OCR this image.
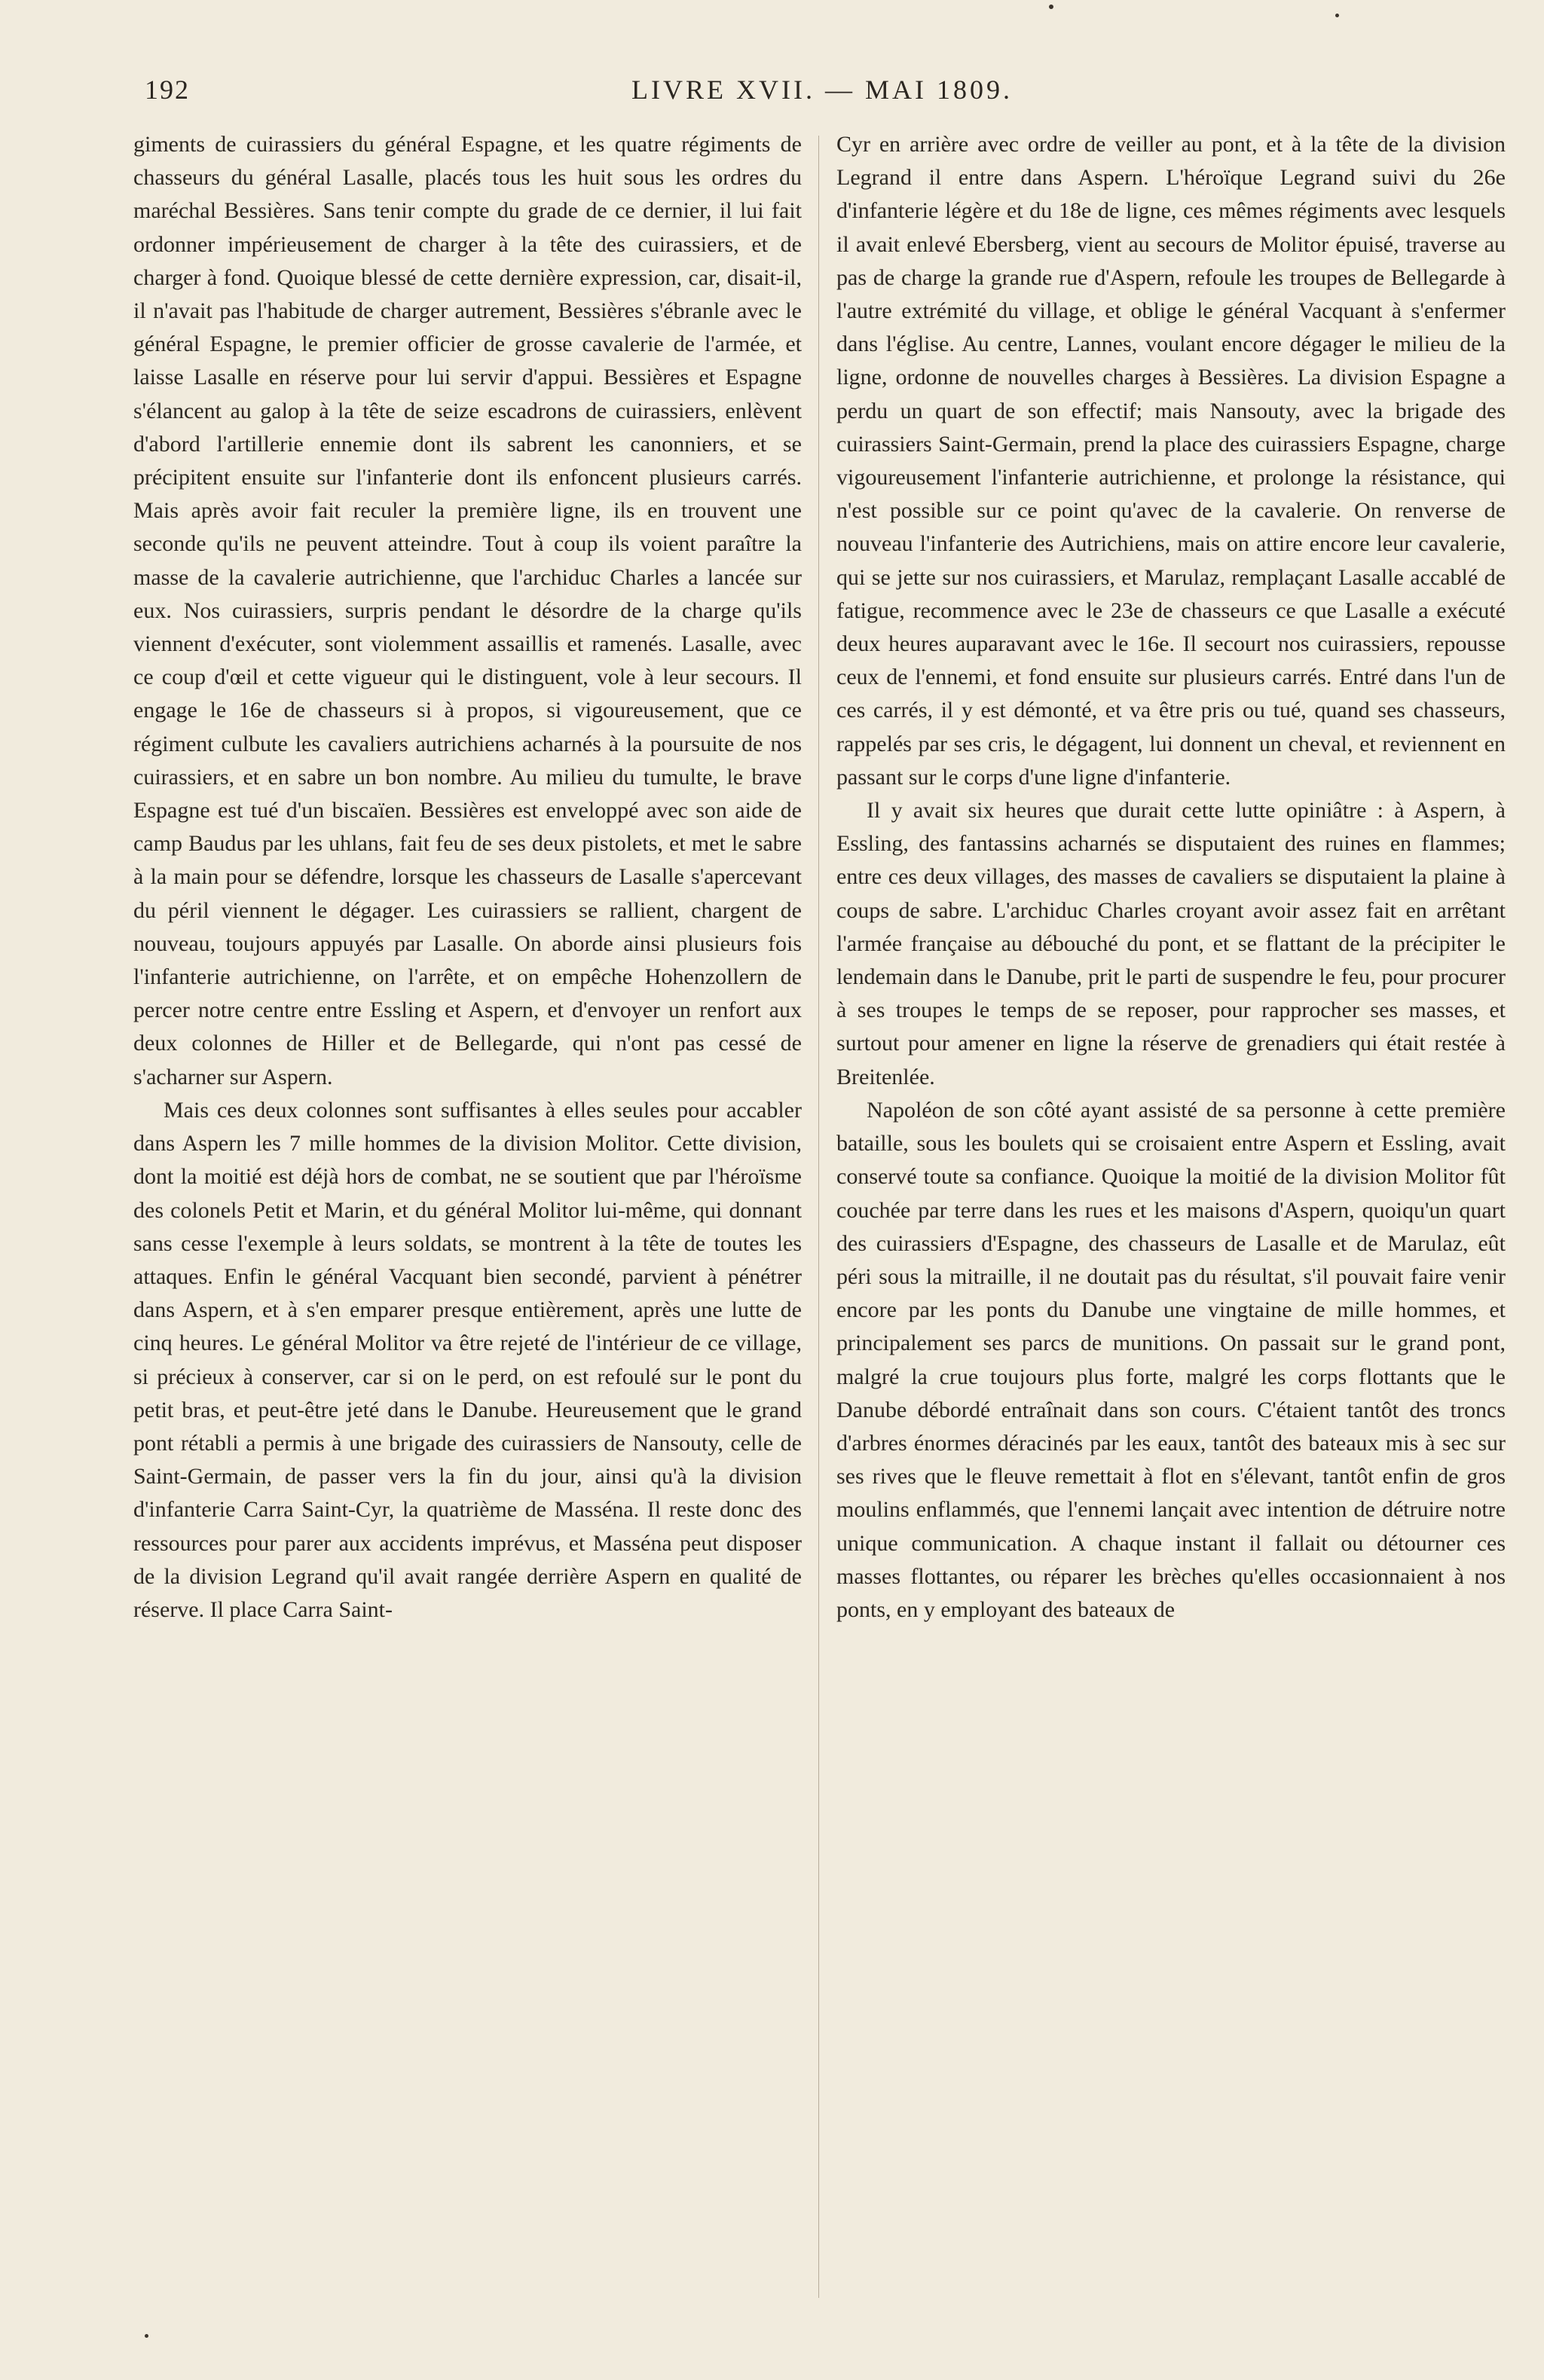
192	LIVRE XVII. — MAI 1809.

giments de cuirassiers du général Espagne, et les quatre régiments de chasseurs du général Lasalle, placés tous les huit sous les ordres du maréchal Bessières. Sans tenir compte du grade de ce dernier, il lui fait ordonner impérieusement de charger à la tête des cuirassiers, et de charger à fond. Quoique blessé de cette dernière expression, car, disait-il, il n'avait pas l'habitude de charger autrement, Bessières s'ébranle avec le général Espagne, le premier officier de grosse cavalerie de l'armée, et laisse Lasalle en réserve pour lui servir d'appui. Bessières et Espagne s'élancent au galop à la tête de seize escadrons de cuirassiers, enlèvent d'abord l'artillerie ennemie dont ils sabrent les canonniers, et se précipitent ensuite sur l'infanterie dont ils enfoncent plusieurs carrés. Mais après avoir fait reculer la première ligne, ils en trouvent une seconde qu'ils ne peuvent atteindre. Tout à coup ils voient paraître la masse de la cavalerie autrichienne, que l'archiduc Charles a lancée sur eux. Nos cuirassiers, surpris pendant le désordre de la charge qu'ils viennent d'exécuter, sont violemment assaillis et ramenés. Lasalle, avec ce coup d'œil et cette vigueur qui le distinguent, vole à leur secours. Il engage le 16e de chasseurs si à propos, si vigoureusement, que ce régiment culbute les cavaliers autrichiens acharnés à la poursuite de nos cuirassiers, et en sabre un bon nombre. Au milieu du tumulte, le brave Espagne est tué d'un biscaïen. Bessières est enveloppé avec son aide de camp Baudus par les uhlans, fait feu de ses deux pistolets, et met le sabre à la main pour se défendre, lorsque les chasseurs de Lasalle s'apercevant du péril viennent le dégager. Les cuirassiers se rallient, chargent de nouveau, toujours appuyés par Lasalle. On aborde ainsi plusieurs fois l'infanterie autrichienne, on l'arrête, et on empêche Hohenzollern de percer notre centre entre Essling et Aspern, et d'envoyer un renfort aux deux colonnes de Hiller et de Bellegarde, qui n'ont pas cessé de s'acharner sur Aspern.

Mais ces deux colonnes sont suffisantes à elles seules pour accabler dans Aspern les 7 mille hommes de la division Molitor. Cette division, dont la moitié est déjà hors de combat, ne se soutient que par l'héroïsme des colonels Petit et Marin, et du général Molitor lui-même, qui donnant sans cesse l'exemple à leurs soldats, se montrent à la tête de toutes les attaques. Enfin le général Vacquant bien secondé, parvient à pénétrer dans Aspern, et à s'en emparer presque entièrement, après une lutte de cinq heures. Le général Molitor va être rejeté de l'intérieur de ce village, si précieux à conserver, car si on le perd, on est refoulé sur le pont du petit bras, et peut-être jeté dans le Danube. Heureusement que le grand pont rétabli a permis à une brigade des cuirassiers de Nansouty, celle de Saint-Germain, de passer vers la fin du jour, ainsi qu'à la division d'infanterie Carra Saint-Cyr, la quatrième de Masséna. Il reste donc des ressources pour parer aux accidents imprévus, et Masséna peut disposer de la division Legrand qu'il avait rangée derrière Aspern en qualité de réserve. Il place Carra Saint-

Cyr en arrière avec ordre de veiller au pont, et à la tête de la division Legrand il entre dans Aspern. L'héroïque Legrand suivi du 26e d'infanterie légère et du 18e de ligne, ces mêmes régiments avec lesquels il avait enlevé Ebersberg, vient au secours de Molitor épuisé, traverse au pas de charge la grande rue d'Aspern, refoule les troupes de Bellegarde à l'autre extrémité du village, et oblige le général Vacquant à s'enfermer dans l'église. Au centre, Lannes, voulant encore dégager le milieu de la ligne, ordonne de nouvelles charges à Bessières. La division Espagne a perdu un quart de son effectif; mais Nansouty, avec la brigade des cuirassiers Saint-Germain, prend la place des cuirassiers Espagne, charge vigoureusement l'infanterie autrichienne, et prolonge la résistance, qui n'est possible sur ce point qu'avec de la cavalerie. On renverse de nouveau l'infanterie des Autrichiens, mais on attire encore leur cavalerie, qui se jette sur nos cuirassiers, et Marulaz, remplaçant Lasalle accablé de fatigue, recommence avec le 23e de chasseurs ce que Lasalle a exécuté deux heures auparavant avec le 16e. Il secourt nos cuirassiers, repousse ceux de l'ennemi, et fond ensuite sur plusieurs carrés. Entré dans l'un de ces carrés, il y est démonté, et va être pris ou tué, quand ses chasseurs, rappelés par ses cris, le dégagent, lui donnent un cheval, et reviennent en passant sur le corps d'une ligne d'infanterie.

Il y avait six heures que durait cette lutte opiniâtre : à Aspern, à Essling, des fantassins acharnés se disputaient des ruines en flammes; entre ces deux villages, des masses de cavaliers se disputaient la plaine à coups de sabre. L'archiduc Charles croyant avoir assez fait en arrêtant l'armée française au débouché du pont, et se flattant de la précipiter le lendemain dans le Danube, prit le parti de suspendre le feu, pour procurer à ses troupes le temps de se reposer, pour rapprocher ses masses, et surtout pour amener en ligne la réserve de grenadiers qui était restée à Breitenlée.

Napoléon de son côté ayant assisté de sa personne à cette première bataille, sous les boulets qui se croisaient entre Aspern et Essling, avait conservé toute sa confiance. Quoique la moitié de la division Molitor fût couchée par terre dans les rues et les maisons d'Aspern, quoiqu'un quart des cuirassiers d'Espagne, des chasseurs de Lasalle et de Marulaz, eût péri sous la mitraille, il ne doutait pas du résultat, s'il pouvait faire venir encore par les ponts du Danube une vingtaine de mille hommes, et principalement ses parcs de munitions. On passait sur le grand pont, malgré la crue toujours plus forte, malgré les corps flottants que le Danube débordé entraînait dans son cours. C'étaient tantôt des troncs d'arbres énormes déracinés par les eaux, tantôt des bateaux mis à sec sur ses rives que le fleuve remettait à flot en s'élevant, tantôt enfin de gros moulins enflammés, que l'ennemi lançait avec intention de détruire notre unique communication. A chaque instant il fallait ou détourner ces masses flottantes, ou réparer les brèches qu'elles occasionnaient à nos ponts, en y employant des bateaux de
